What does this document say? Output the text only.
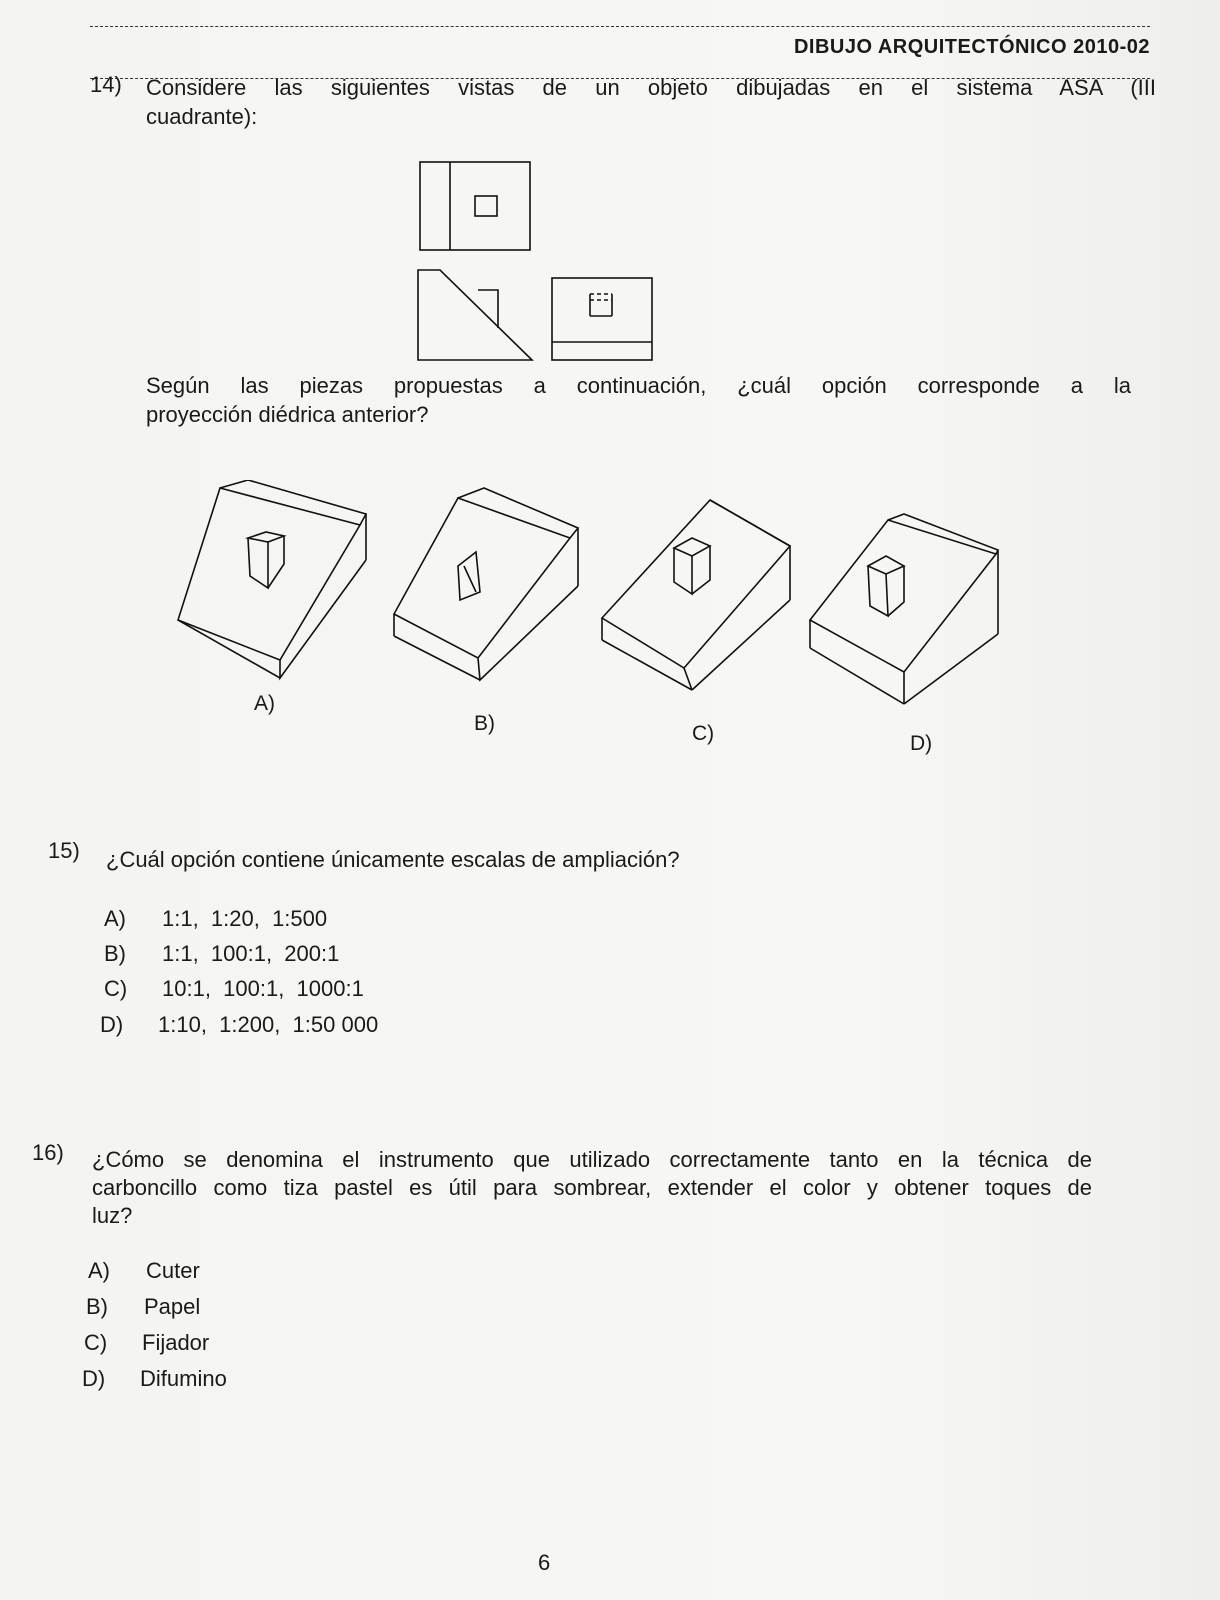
DIBUJO ARQUITECTÓNICO 2010-02
14) Considere las siguientes vistas de un objeto dibujadas en el sistema ASA (III
cuadrante):
Según las piezas propuestas a continuación, ¿cuál opción corresponde a la
proyección diédrica anterior?
A)
B)	C)	D)
15) ¿Cuál opción contiene únicamente escalas de ampliación?
A) 1:1,  1:20,  1:500
B) 1:1,  100:1,  200:1
C) 10:1,  100:1,  1000:1
D) 1:10,  1:200,  1:50 000
16) ¿Cómo se denomina el instrumento que utilizado correctamente tanto en la técnica de
carboncillo como tiza pastel es útil para sombrear, extender el color y obtener toques de
luz?
A) Cuter
B) Papel
C) Fijador
D) Difumino
6
